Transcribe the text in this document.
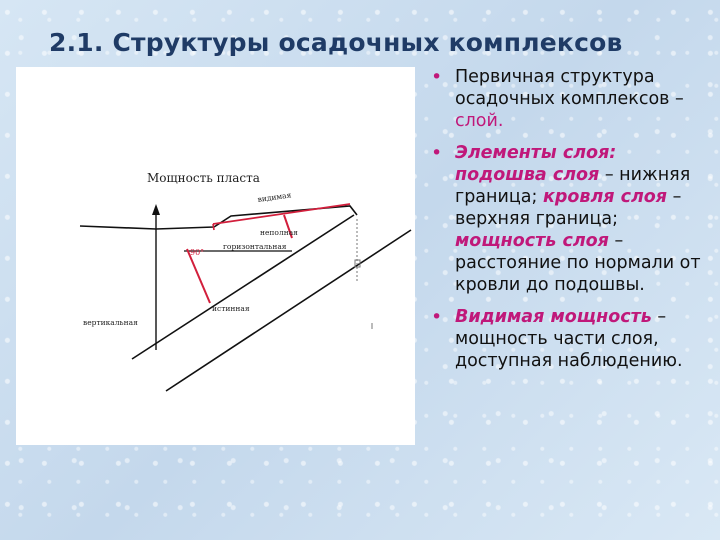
2.1. Структуры осадочных комплексов
90°
Мощность пласта
видимая
неполная
горизонтальная
истинная
вертикальная
• Первичная структура осадочных комплексов – слой.
• Элементы слоя: подошва слоя – нижняя граница; кровля слоя – верхняя граница; мощность слоя – расстояние по нормали от кровли до подошвы.
• Видимая мощность – мощность части слоя, доступная наблюдению.
